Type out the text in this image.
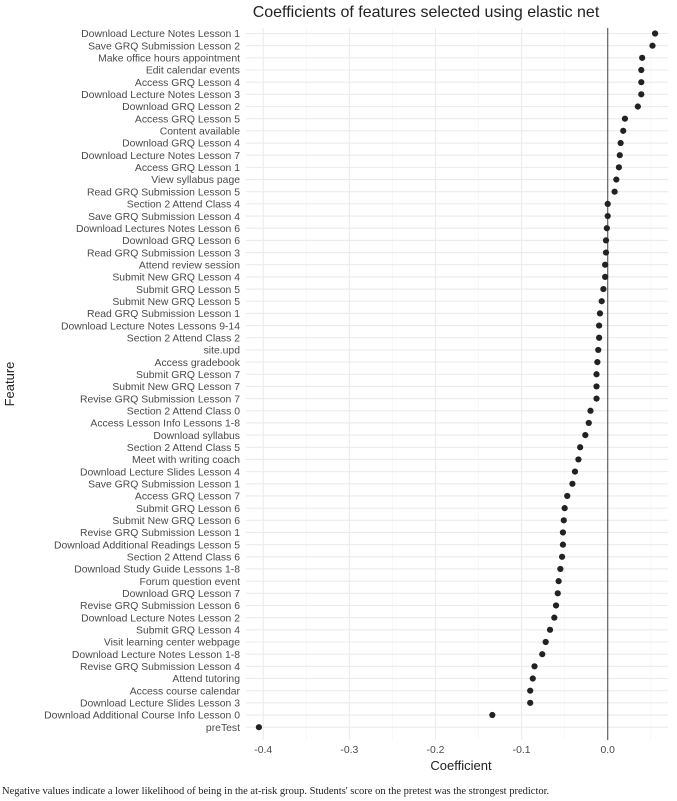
Coefficients of features selected using elastic net
Download Lecture Notes Lesson 1
Save GRQ Submission Lesson 2
Make office hours appointment
Edit calendar events
Access GRQ Lesson 4
Download Lecture Notes Lesson 3
Download GRQ Lesson 2
Access GRQ Lesson 5
Content available
Download GRQ Lesson 4
Download Lecture Notes Lesson 7
Access GRQ Lesson 1
View syllabus page
Read GRQ Submission Lesson 5
Section 2 Attend Class 4
Save GRQ Submission Lesson 4
Download Lectures Notes Lesson 6
Download GRQ Lesson 6
Read GRQ Submission Lesson 3
Attend review session
Submit New GRQ Lesson 4
Submit GRQ Lesson 5
Submit New GRQ Lesson 5
Read GRQ Submission Lesson 1
Download Lecture Notes Lessons 9-14
Section 2 Attend Class 2
site.upd
Access gradebook
Submit GRQ Lesson 7
Submit New GRQ Lesson 7
Revise GRQ Submission Lesson 7
Section 2 Attend Class 0
Access Lesson Info Lessons 1-8
Download syllabus
Section 2 Attend Class 5
Meet with writing coach
Download Lecture Slides Lesson 4
Save GRQ Submission Lesson 1
Access GRQ Lesson 7
Submit GRQ Lesson 6
Submit New GRQ Lesson 6
Revise GRQ Submission Lesson 1
Download Additional Readings Lesson 5
Section 2 Attend Class 6
Download Study Guide Lessons 1-8
Forum question event
Download GRQ Lesson 7
Revise GRQ Submission Lesson 6
Download Lecture Notes Lesson 2
Submit GRQ Lesson 4
Visit learning center webpage
Download Lecture Notes Lesson 1-8
Revise GRQ Submission Lesson 4
Attend tutoring
Access course calendar
Download Lecture Slides Lesson 3
Download Additional Course Info Lesson 0
preTest
-0.4	-0.3	-0.2	-0.1	0.0
Coefficient
Feature
Negative values indicate a lower likelihood of being in the at-risk group. Students' score on the pretest was the strongest predictor.
